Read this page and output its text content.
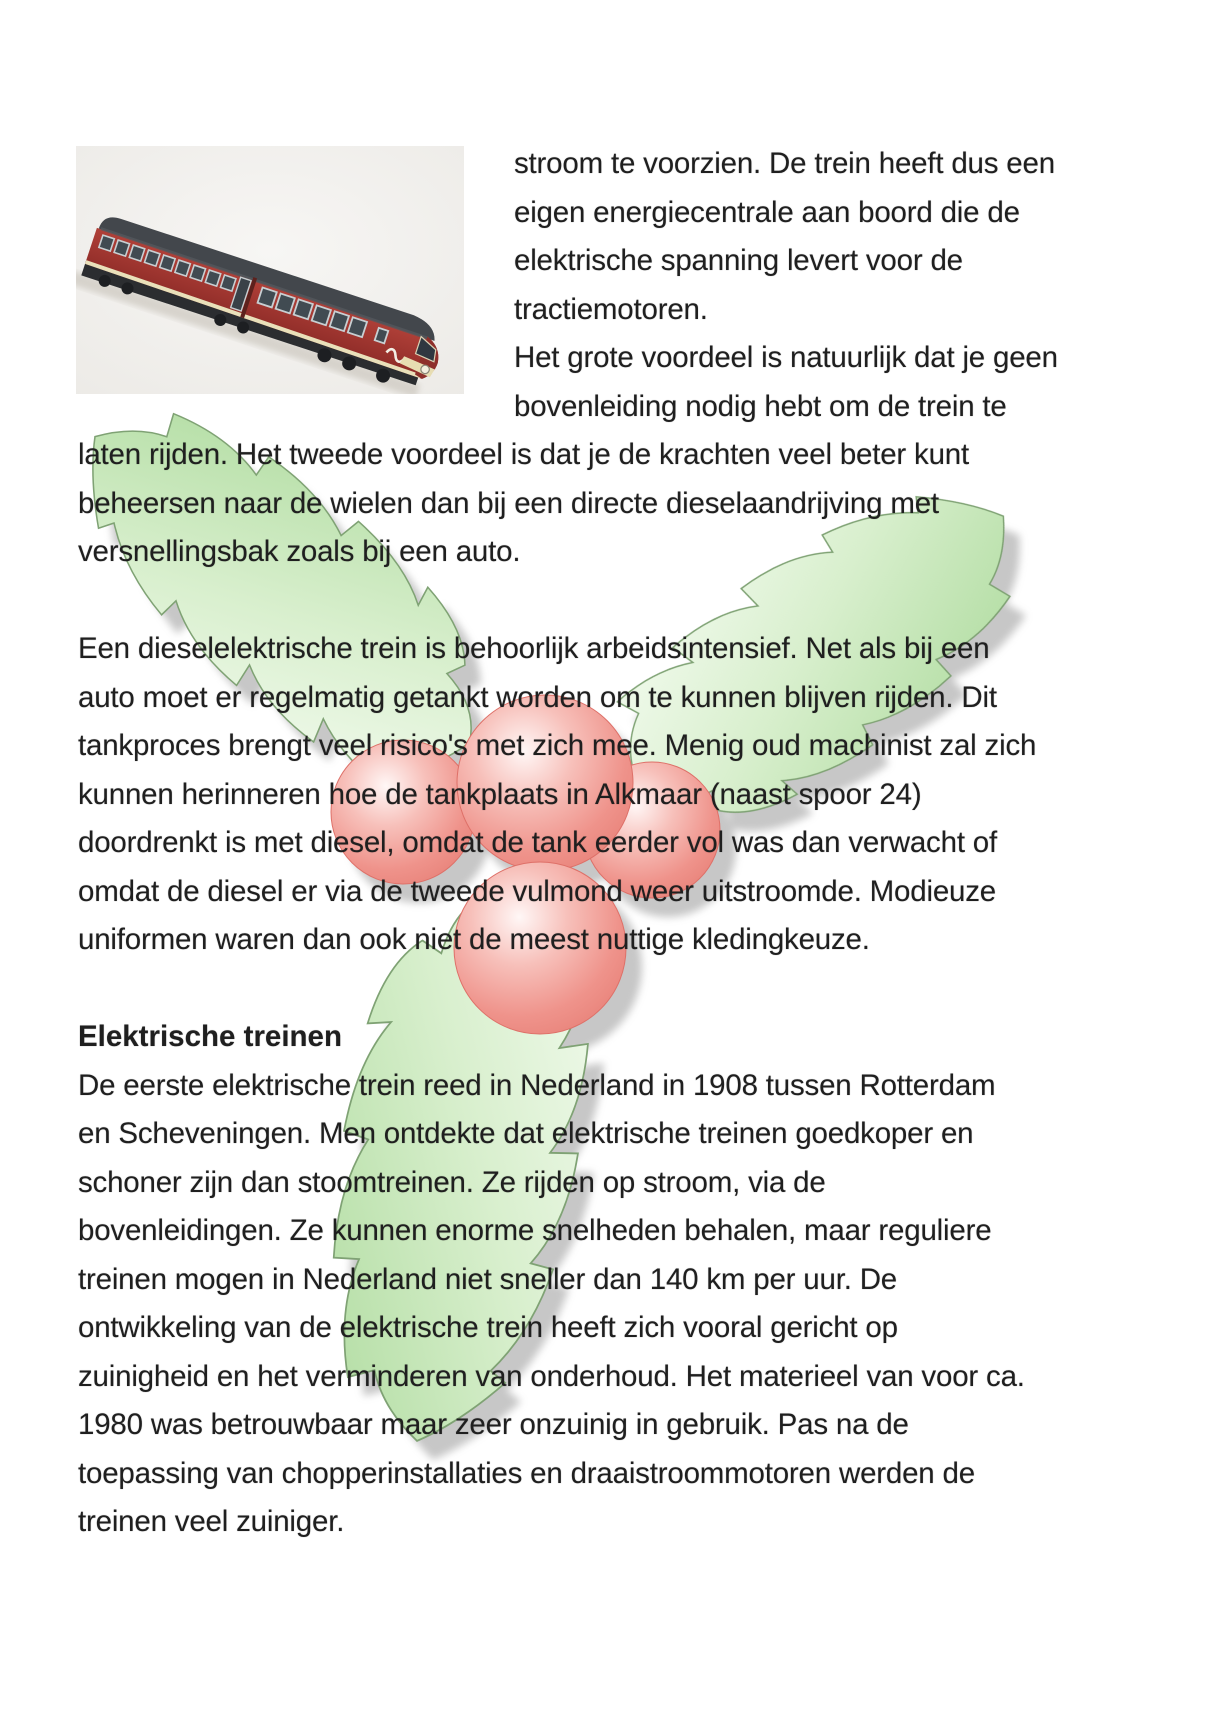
stroom te voorzien. De trein heeft dus een
eigen energiecentrale aan boord die de
elektrische spanning levert voor de
tractiemotoren.
Het grote voordeel is natuurlijk dat je geen
bovenleiding nodig hebt om de trein te
laten rijden. Het tweede voordeel is dat je de krachten veel beter kunt
beheersen naar de wielen dan bij een directe dieselaandrijving met
versnellingsbak zoals bij een auto.

Een dieselelektrische trein is behoorlijk arbeidsintensief. Net als bij een
auto moet er regelmatig getankt worden om te kunnen blijven rijden. Dit
tankproces brengt veel risico's met zich mee. Menig oud machinist zal zich
kunnen herinneren hoe de tankplaats in Alkmaar (naast spoor 24)
doordrenkt is met diesel, omdat de tank eerder vol was dan verwacht of
omdat de diesel er via de tweede vulmond weer uitstroomde. Modieuze
uniformen waren dan ook niet de meest nuttige kledingkeuze.

Elektrische treinen
De eerste elektrische trein reed in Nederland in 1908 tussen Rotterdam
en Scheveningen. Men ontdekte dat elektrische treinen goedkoper en
schoner zijn dan stoomtreinen. Ze rijden op stroom, via de
bovenleidingen. Ze kunnen enorme snelheden behalen, maar reguliere
treinen mogen in Nederland niet sneller dan 140 km per uur. De
ontwikkeling van de elektrische trein heeft zich vooral gericht op
zuinigheid en het verminderen van onderhoud. Het materieel van voor ca.
1980 was betrouwbaar maar zeer onzuinig in gebruik. Pas na de
toepassing van chopperinstallaties en draaistroommotoren werden de
treinen veel zuiniger.
